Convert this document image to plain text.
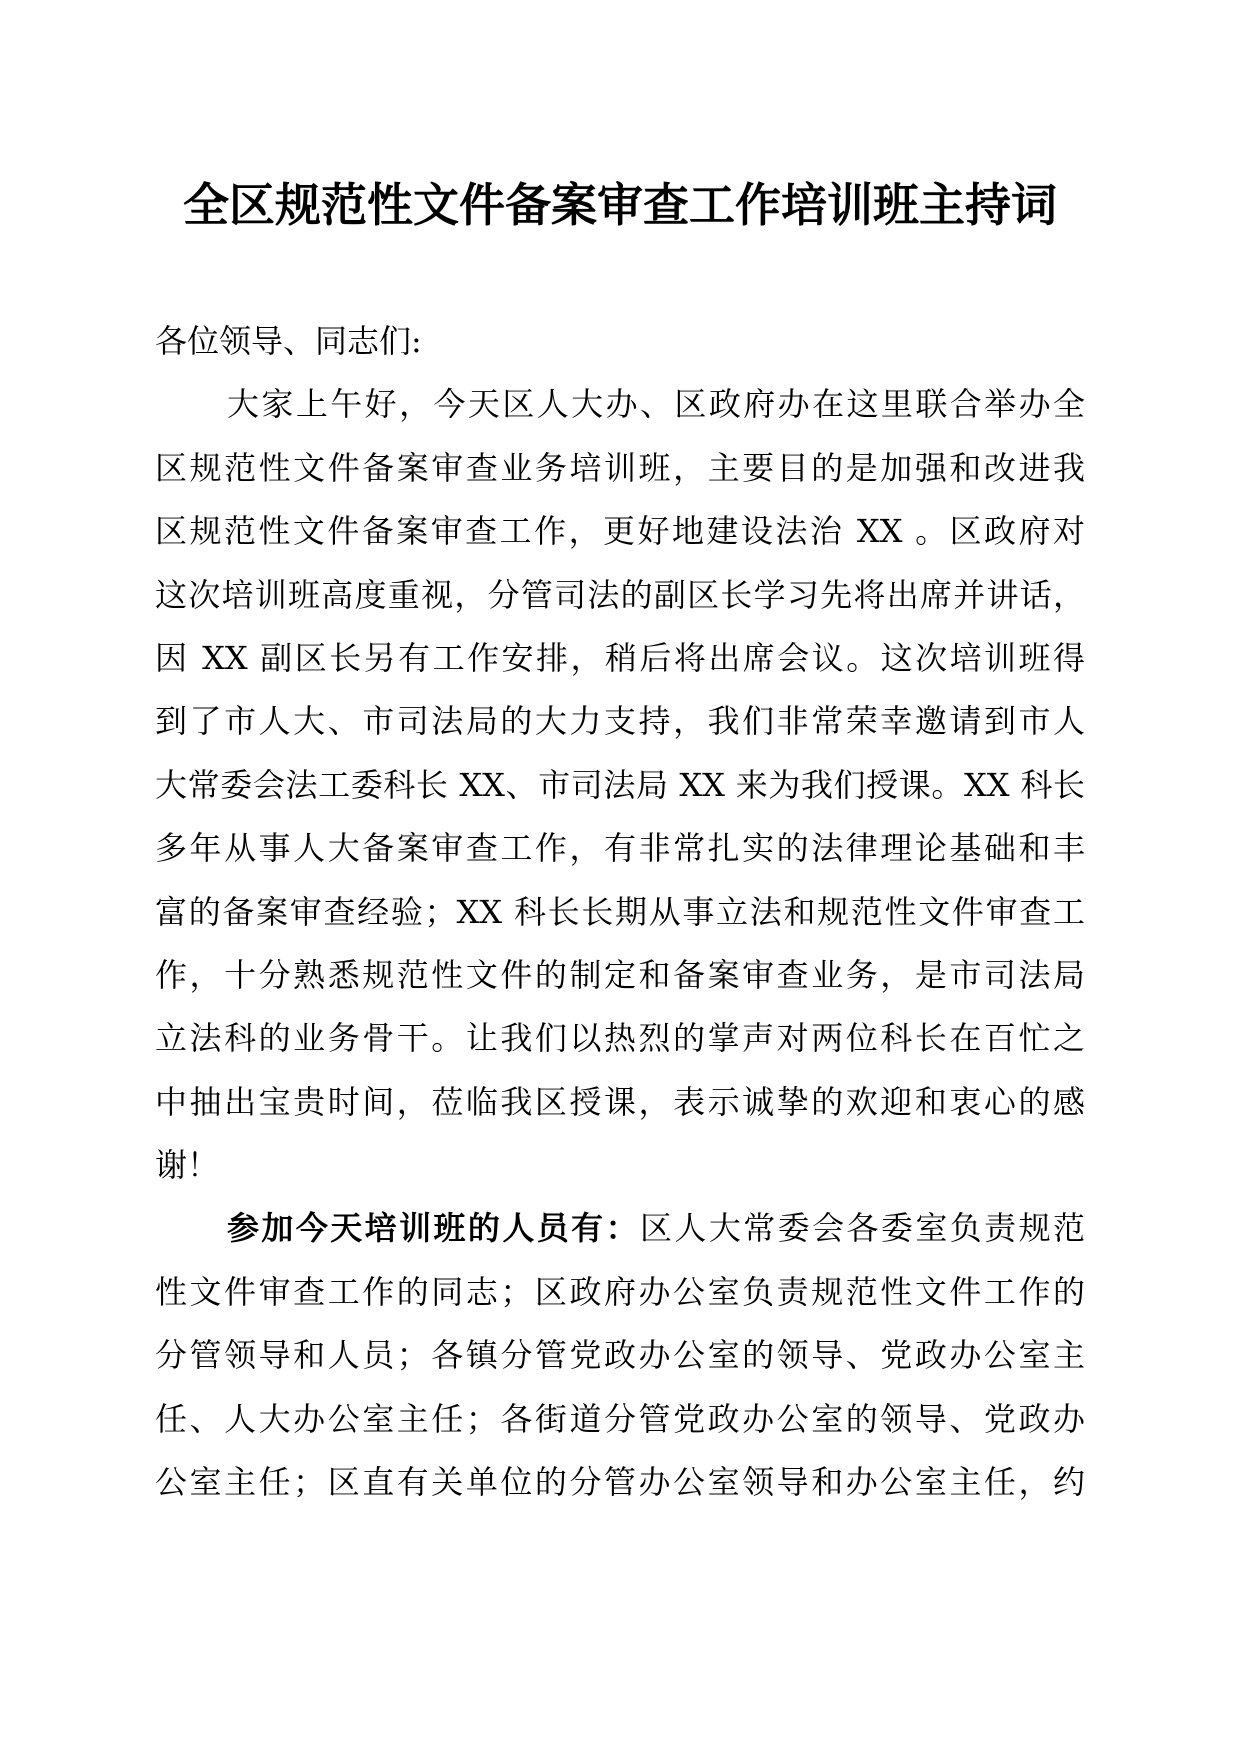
全区规范性文件备案审查工作培训班主持词
各位领导、同志们:
大家上午好，今天区人大办、区政府办在这里联合举办全
区规范性文件备案审查业务培训班，主要目的是加强和改进我
区规范性文件备案审查工作，更好地建设法治 XX 。区政府对
这次培训班高度重视，分管司法的副区长学习先将出席并讲话，
因 XX 副区长另有工作安排，稍后将出席会议。这次培训班得
到了市人大、市司法局的大力支持，我们非常荣幸邀请到市人
大常委会法工委科长 XX、市司法局 XX 来为我们授课。XX 科长
多年从事人大备案审查工作，有非常扎实的法律理论基础和丰
富的备案审查经验；XX 科长长期从事立法和规范性文件审查工
作，十分熟悉规范性文件的制定和备案审查业务，是市司法局
立法科的业务骨干。让我们以热烈的掌声对两位科长在百忙之
中抽出宝贵时间，莅临我区授课，表示诚挚的欢迎和衷心的感
谢！
参加今天培训班的人员有：区人大常委会各委室负责规范
性文件审查工作的同志；区政府办公室负责规范性文件工作的
分管领导和人员；各镇分管党政办公室的领导、党政办公室主
任、人大办公室主任；各街道分管党政办公室的领导、党政办
公室主任；区直有关单位的分管办公室领导和办公室主任，约
